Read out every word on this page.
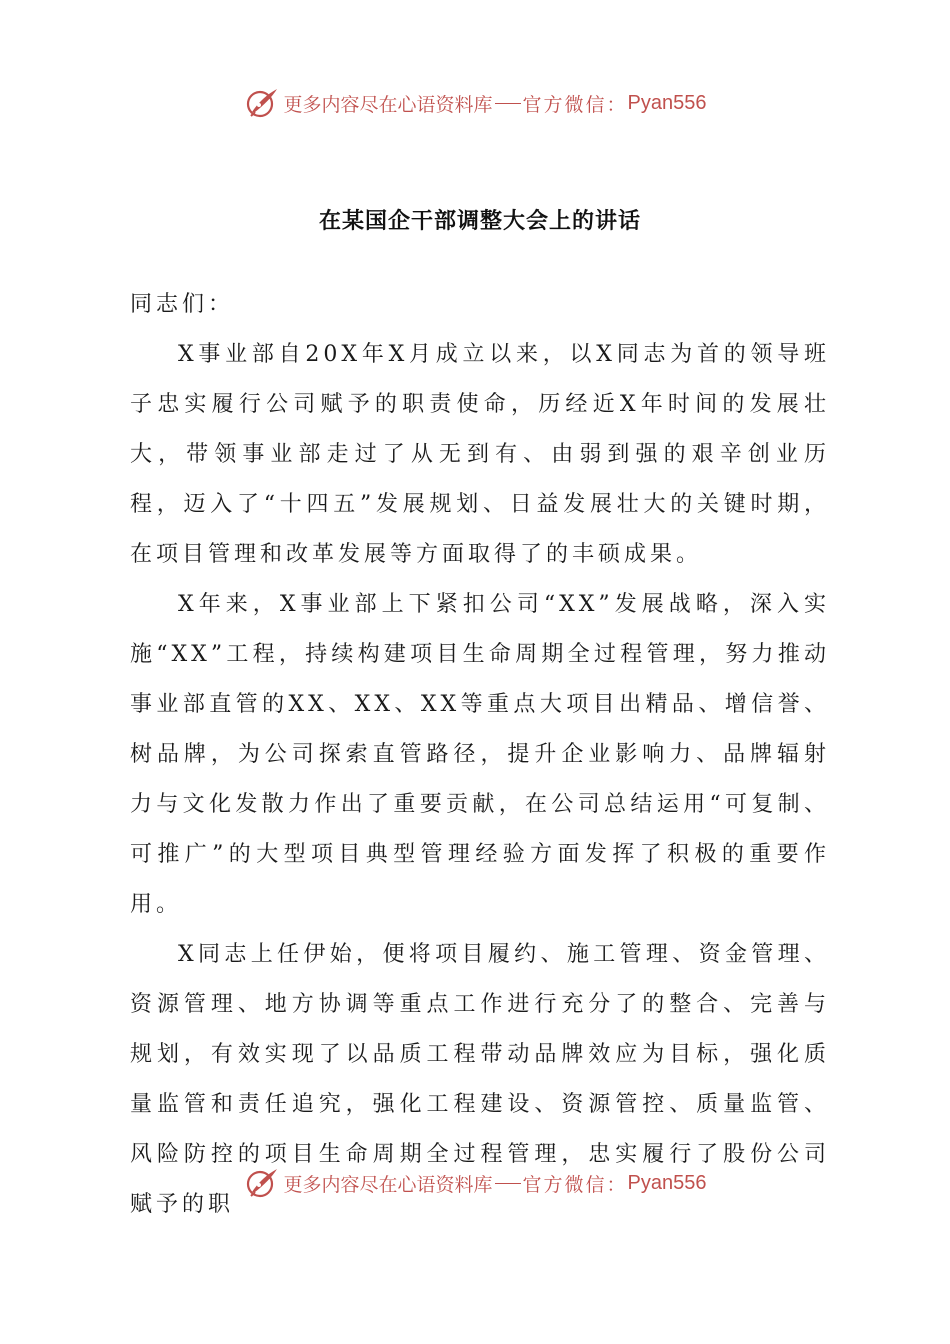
更多内容尽在心语资料库 官方微信： Pyan556
在某国企干部调整大会上的讲话

同志们：

X事业部自20X年X月成立以来，以X同志为首的领导班子忠实履行公司赋予的职责使命，历经近X年时间的发展壮大，带领事业部走过了从无到有、由弱到强的艰辛创业历程，迈入了“十四五”发展规划、日益发展壮大的关键时期，在项目管理和改革发展等方面取得了的丰硕成果。

X年来，X事业部上下紧扣公司“XX”发展战略，深入实施“XX”工程，持续构建项目生命周期全过程管理，努力推动事业部直管的XX、XX、XX等重点大项目出精品、增信誉、树品牌，为公司探索直管路径，提升企业影响力、品牌辐射力与文化发散力作出了重要贡献，在公司总结运用“可复制、可推广”的大型项目典型管理经验方面发挥了积极的重要作用。

X同志上任伊始，便将项目履约、施工管理、资金管理、资源管理、地方协调等重点工作进行充分了的整合、完善与规划，有效实现了以品质工程带动品牌效应为目标，强化质量监管和责任追究，强化工程建设、资源管控、质量监管、风险防控的项目生命周期全过程管理，忠实履行了股份公司赋予的职

更多内容尽在心语资料库 官方微信： Pyan556
